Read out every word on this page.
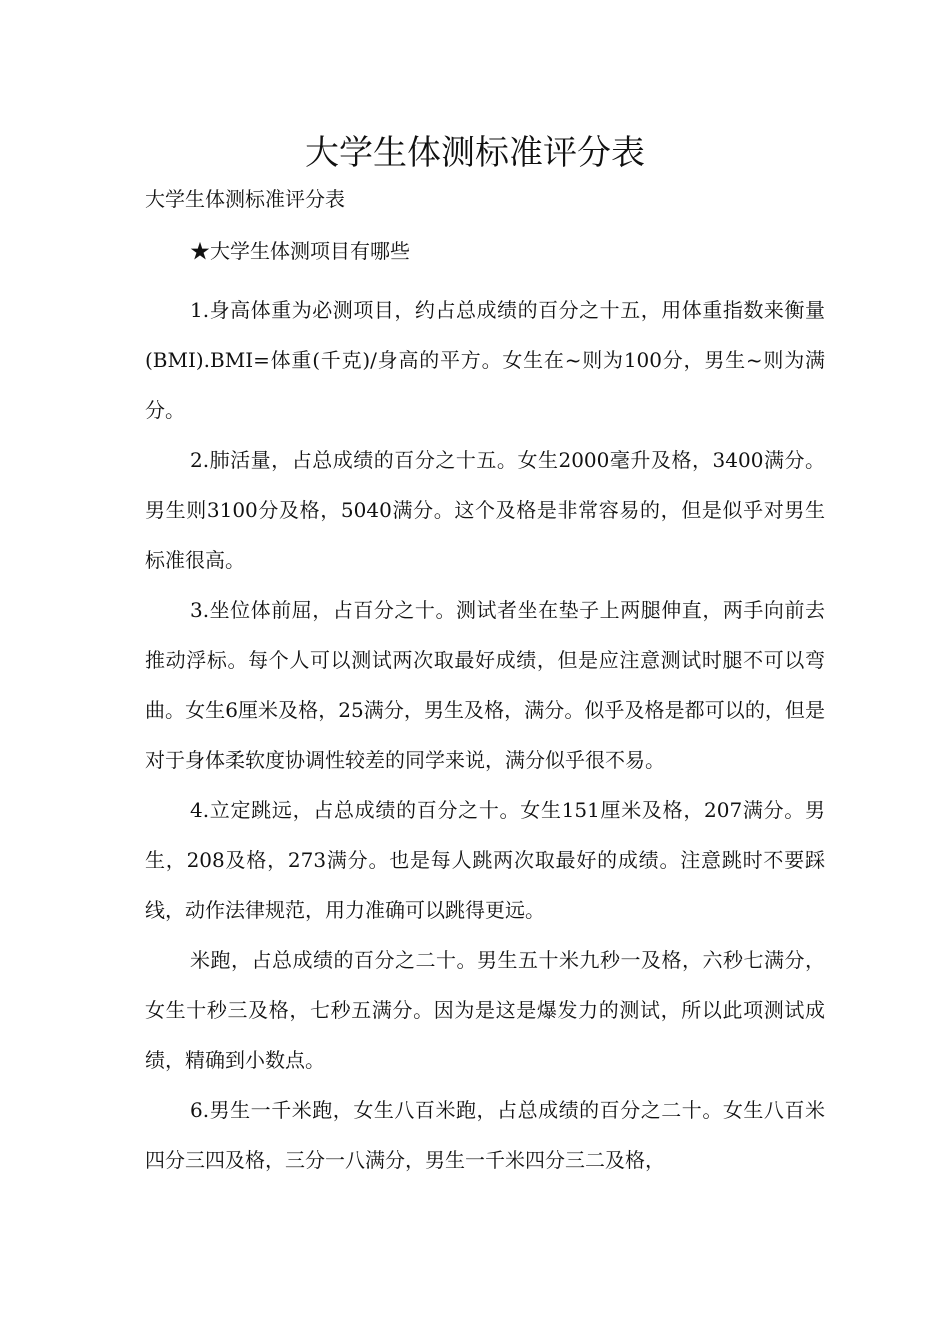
大学生体测标准评分表

大学生体测标准评分表

★大学生体测项目有哪些

1.身高体重为必测项目，约占总成绩的百分之十五，用体重指数来衡量(BMI).BMI=体重(千克)/身高的平方。女生在~则为100分，男生~则为满分。

2.肺活量，占总成绩的百分之十五。女生2000毫升及格，3400满分。男生则3100分及格，5040满分。这个及格是非常容易的，但是似乎对男生标准很高。

3.坐位体前屈，占百分之十。测试者坐在垫子上两腿伸直，两手向前去推动浮标。每个人可以测试两次取最好成绩，但是应注意测试时腿不可以弯曲。女生6厘米及格，25满分，男生及格，满分。似乎及格是都可以的，但是对于身体柔软度协调性较差的同学来说，满分似乎很不易。

4.立定跳远，占总成绩的百分之十。女生151厘米及格，207满分。男生，208及格，273满分。也是每人跳两次取最好的成绩。注意跳时不要踩线，动作法律规范，用力准确可以跳得更远。

米跑，占总成绩的百分之二十。男生五十米九秒一及格，六秒七满分，女生十秒三及格，七秒五满分。因为是这是爆发力的测试，所以此项测试成绩，精确到小数点。

6.男生一千米跑，女生八百米跑，占总成绩的百分之二十。女生八百米四分三四及格，三分一八满分，男生一千米四分三二及格，
